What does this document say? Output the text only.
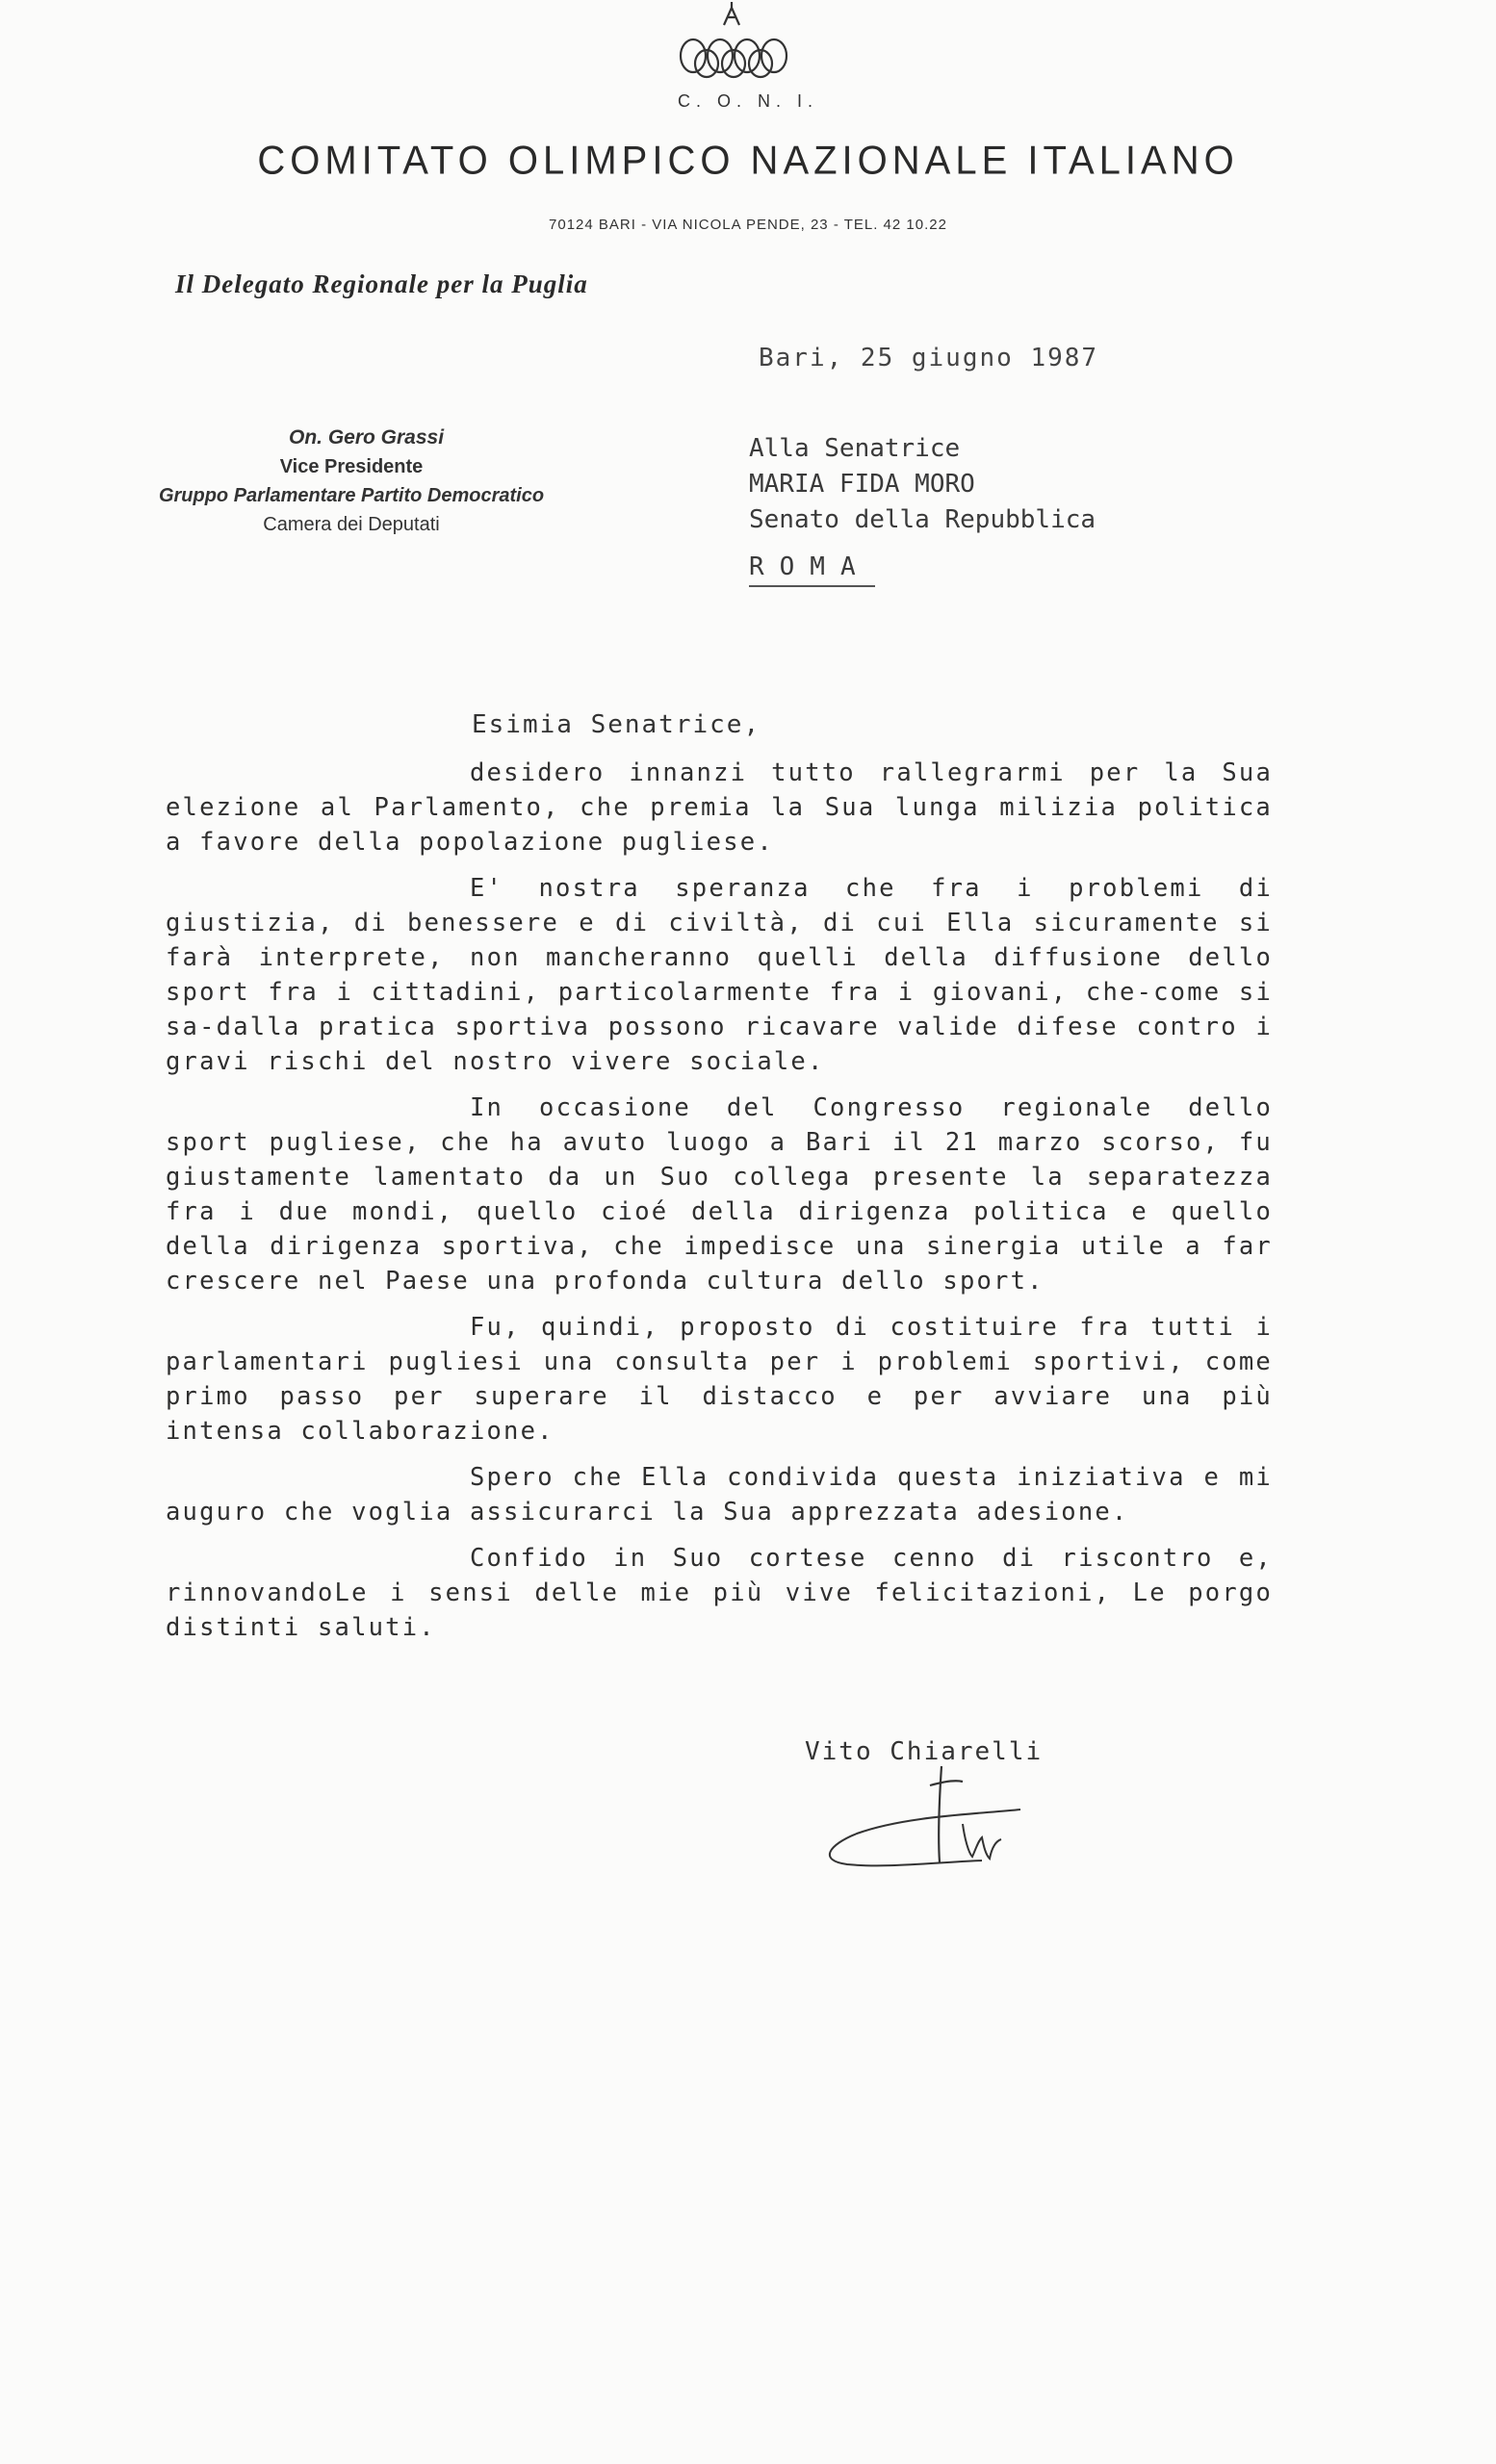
C. O. N. I.
COMITATO OLIMPICO NAZIONALE ITALIANO
70124 BARI - VIA NICOLA PENDE, 23 - TEL. 42 10.22
Il Delegato Regionale per la Puglia
Bari, 25 giugno 1987
On. Gero Grassi
Vice Presidente
Gruppo Parlamentare Partito Democratico
Camera dei Deputati
Alla Senatrice
MARIA FIDA MORO
Senato della Repubblica
ROMA
Esimia Senatrice,

desidero innanzi tutto rallegrarmi per la Sua elezione al Parlamento, che premia la Sua lunga milizia politica a favore della popolazione pugliese.

E' nostra speranza che fra i problemi di giustizia, di benessere e di civiltà, di cui Ella sicuramente si farà interprete, non mancheranno quelli della diffusione dello sport fra i cittadini, particolarmente fra i giovani, che-come si sa-dalla pratica sportiva possono ricavare valide difese contro i gravi rischi del nostro vivere sociale.

In occasione del Congresso regionale dello sport pugliese, che ha avuto luogo a Bari il 21 marzo scorso, fu giustamente lamentato da un Suo collega presente la separatezza fra i due mondi, quello cioé della dirigenza politica e quello della dirigenza sportiva, che impedisce una sinergia utile a far crescere nel Paese una profonda cultura dello sport.

Fu, quindi, proposto di costituire fra tutti i parlamentari pugliesi una consulta per i problemi sportivi, come primo passo per superare il distacco e per avviare una più intensa collaborazione.

Spero che Ella condivida questa iniziativa e mi auguro che voglia assicurarci la Sua apprezzata adesione.

Confido in Suo cortese cenno di riscontro e, rinnovandoLe i sensi delle mie più vive felicitazioni, Le porgo distinti saluti.

Vito Chiarelli
